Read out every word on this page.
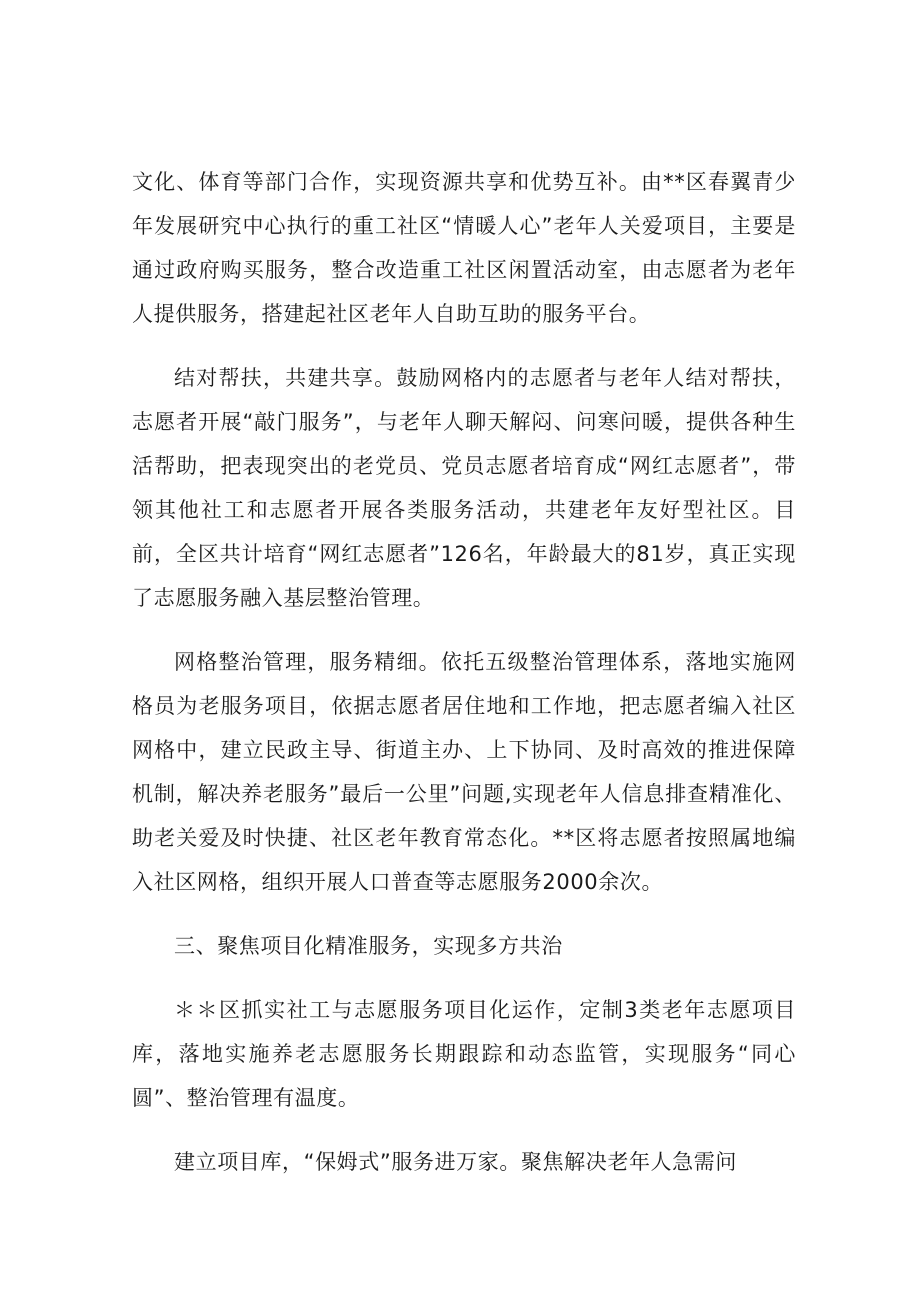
文化、体育等部门合作，实现资源共享和优势互补。由**区春翼青少年发展研究中心执行的重工社区“情暖人心”老年人关爱项目，主要是通过政府购买服务，整合改造重工社区闲置活动室，由志愿者为老年人提供服务，搭建起社区老年人自助互助的服务平台。

结对帮扶，共建共享。鼓励网格内的志愿者与老年人结对帮扶，志愿者开展“敲门服务”，与老年人聊天解闷、问寒问暖，提供各种生活帮助，把表现突出的老党员、党员志愿者培育成“网红志愿者”，带领其他社工和志愿者开展各类服务活动，共建老年友好型社区。目前，全区共计培育“网红志愿者”126名，年龄最大的81岁，真正实现了志愿服务融入基层整治管理。

网格整治管理，服务精细。依托五级整治管理体系，落地实施网格员为老服务项目，依据志愿者居住地和工作地，把志愿者编入社区网格中，建立民政主导、街道主办、上下协同、及时高效的推进保障机制，解决养老服务”最后一公里”问题,实现老年人信息排查精准化、助老关爱及时快捷、社区老年教育常态化。**区将志愿者按照属地编入社区网格，组织开展人口普查等志愿服务2000余次。

三、聚焦项目化精准服务，实现多方共治

＊＊区抓实社工与志愿服务项目化运作，定制3类老年志愿项目库，落地实施养老志愿服务长期跟踪和动态监管，实现服务“同心圆”、整治管理有温度。

建立项目库，“保姆式”服务进万家。聚焦解决老年人急需问
